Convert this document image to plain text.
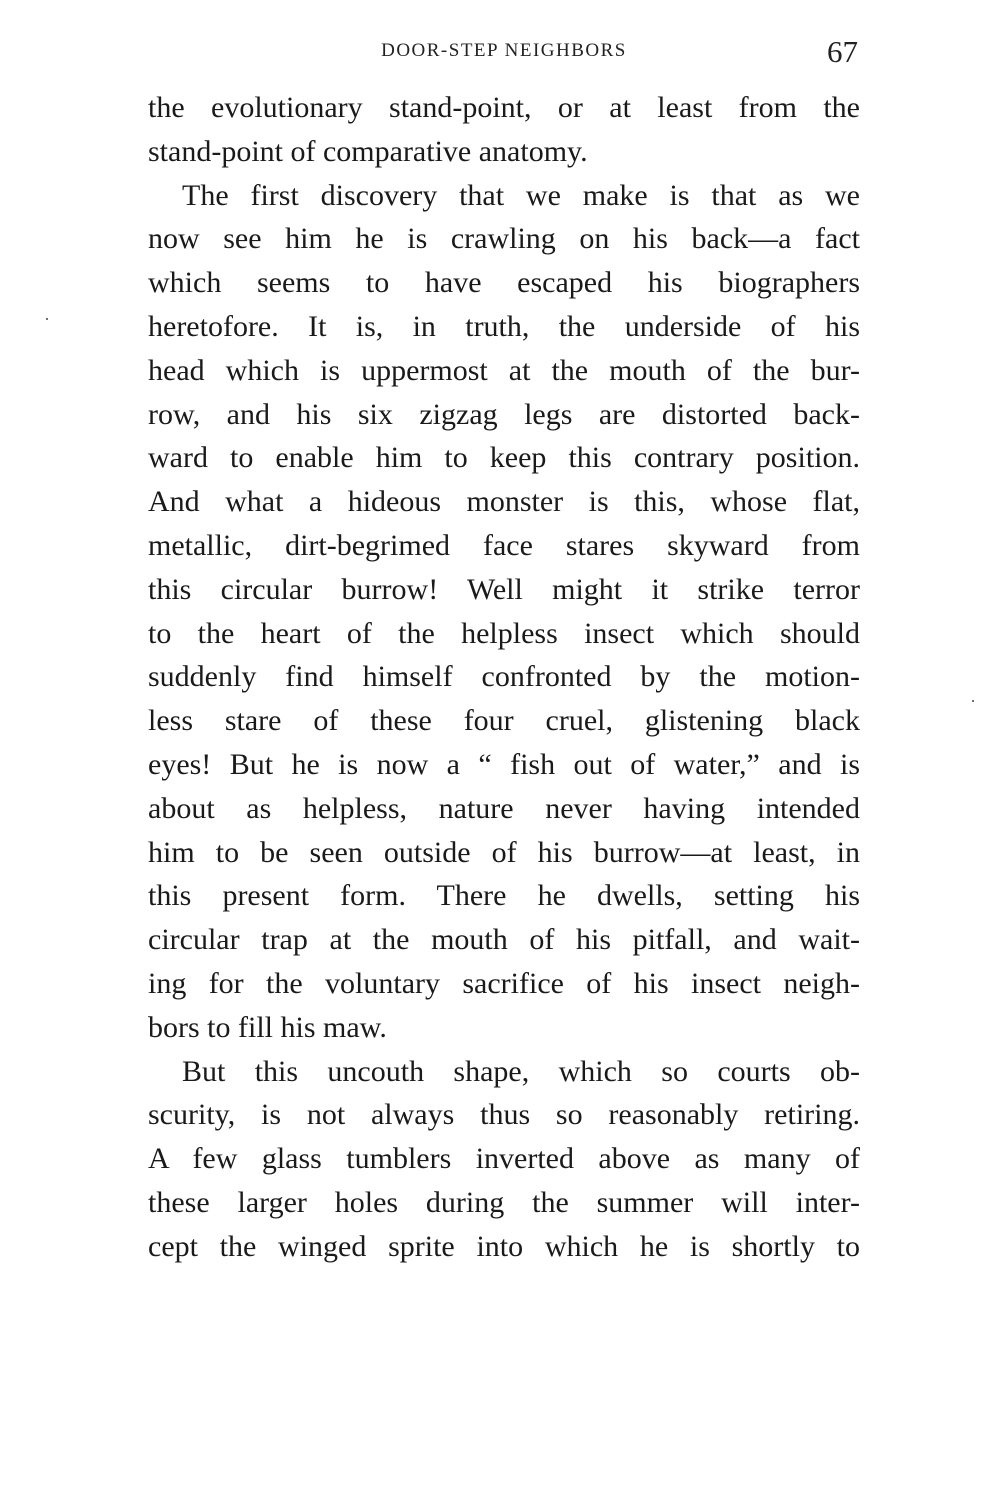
DOOR-STEP NEIGHBORS	67
the evolutionary stand-point, or at least from the
stand-point of comparative anatomy.
The first discovery that we make is that as we
now see him he is crawling on his back—a fact
which seems to have escaped his biographers
heretofore. It is, in truth, the underside of his
head which is uppermost at the mouth of the bur-
row, and his six zigzag legs are distorted back-
ward to enable him to keep this contrary position.
And what a hideous monster is this, whose flat,
metallic, dirt-begrimed face stares skyward from
this circular burrow! Well might it strike terror
to the heart of the helpless insect which should
suddenly find himself confronted by the motion-
less stare of these four cruel, glistening black
eyes! But he is now a “ fish out of water,” and is
about as helpless, nature never having intended
him to be seen outside of his burrow—at least, in
this present form. There he dwells, setting his
circular trap at the mouth of his pitfall, and wait-
ing for the voluntary sacrifice of his insect neigh-
bors to fill his maw.
But this uncouth shape, which so courts ob-
scurity, is not always thus so reasonably retiring.
A few glass tumblers inverted above as many of
these larger holes during the summer will inter-
cept the winged sprite into which he is shortly to
